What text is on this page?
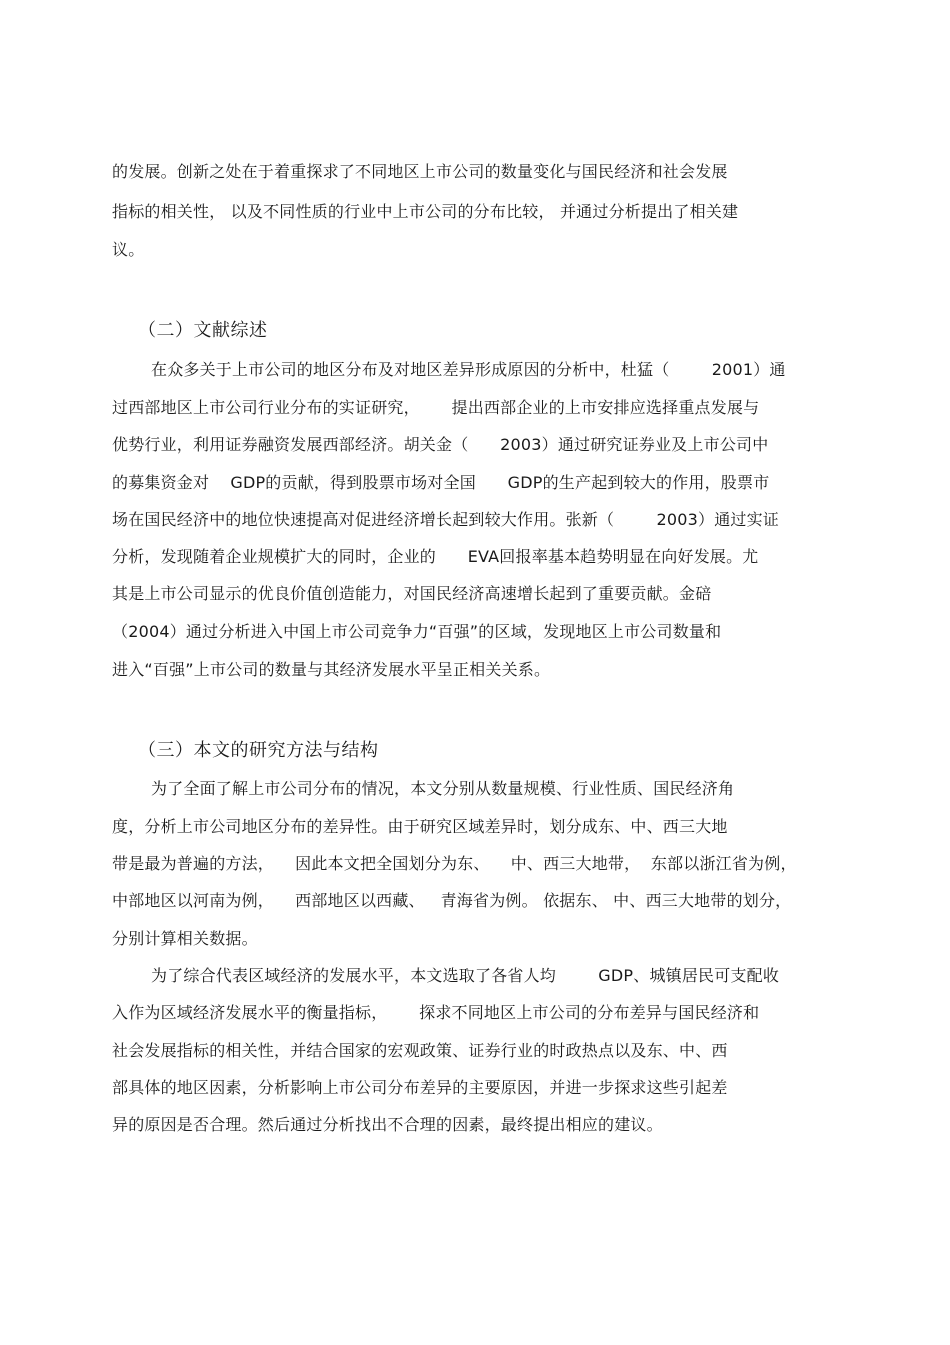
的发展。创新之处在于着重探求了不同地区上市公司的数量变化与国民经济和社会发展
指标的相关性， 以及不同性质的行业中上市公司的分布比较， 并通过分析提出了相关建
议。
（二）文献综述
在众多关于上市公司的地区分布及对地区差异形成原因的分析中，杜猛（        2001）通
过西部地区上市公司行业分布的实证研究，      提出西部企业的上市安排应选择重点发展与
优势行业，利用证券融资发展西部经济。胡关金（      2003）通过研究证券业及上市公司中
的募集资金对    GDP的贡献，得到股票市场对全国      GDP的生产起到较大的作用，股票市
场在国民经济中的地位快速提高对促进经济增长起到较大作用。张新（        2003）通过实证
分析，发现随着企业规模扩大的同时，企业的      EVA回报率基本趋势明显在向好发展。尤
其是上市公司显示的优良价值创造能力，对国民经济高速增长起到了重要贡献。金碚
（2004）通过分析进入中国上市公司竞争力“百强”的区域，发现地区上市公司数量和
进入“百强”上市公司的数量与其经济发展水平呈正相关关系。
（三）本文的研究方法与结构
为了全面了解上市公司分布的情况，本文分别从数量规模、行业性质、国民经济角
度，分析上市公司地区分布的差异性。由于研究区域差异时，划分成东、中、西三大地
带是最为普遍的方法，    因此本文把全国划分为东、    中、西三大地带，  东部以浙江省为例，
中部地区以河南为例，    西部地区以西藏、   青海省为例。 依据东、 中、西三大地带的划分，
分别计算相关数据。
为了综合代表区域经济的发展水平，本文选取了各省人均        GDP、城镇居民可支配收
入作为区域经济发展水平的衡量指标，      探求不同地区上市公司的分布差异与国民经济和
社会发展指标的相关性，并结合国家的宏观政策、证券行业的时政热点以及东、中、西
部具体的地区因素，分析影响上市公司分布差异的主要原因，并进一步探求这些引起差
异的原因是否合理。然后通过分析找出不合理的因素，最终提出相应的建议。
